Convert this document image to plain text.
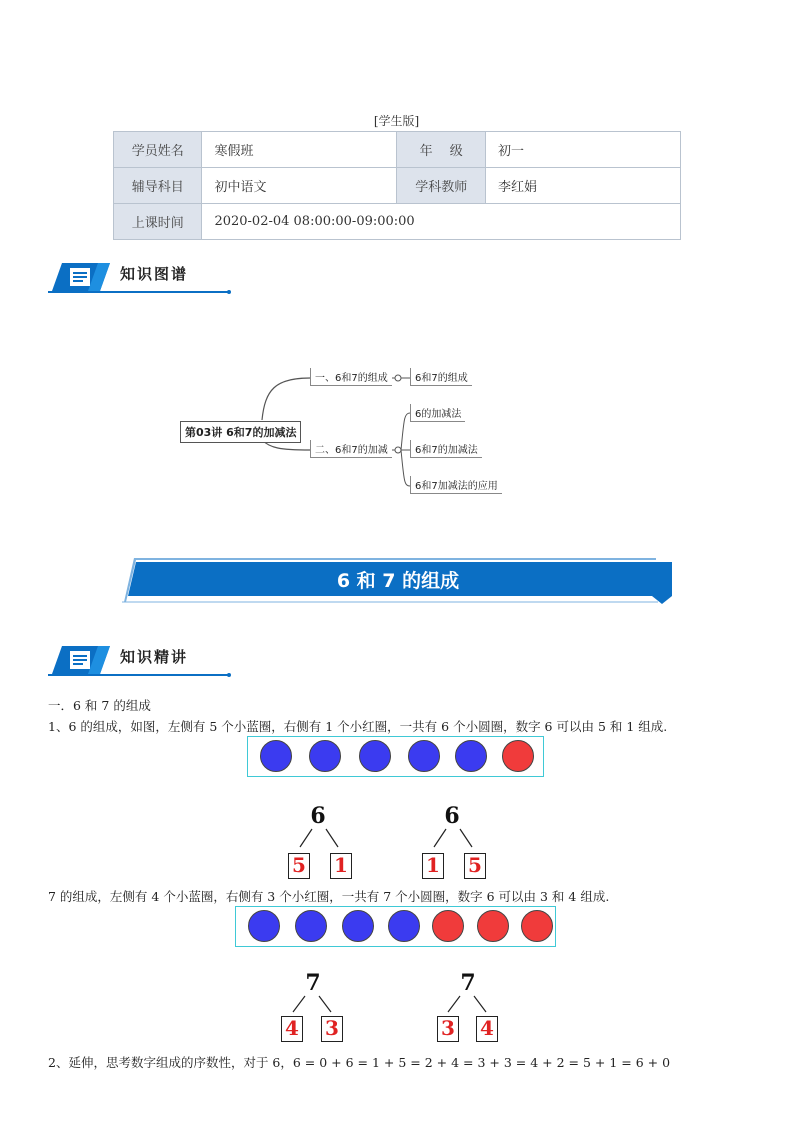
[学生版]
学员姓名	寒假班	年　 级	初一
辅导科目	初中语文	学科教师	李红娟
上课时间	2020-02-04 08:00:00-09:00:00		
知识图谱
第03讲 6和7的加减法
一、6和7的组成	6和7的组成
二、6和7的加减
6的加减法
6和7的加减法
6和7加减法的应用
6 和 7 的组成
知识精讲
一．6 和 7 的组成
1、6 的组成，如图，左侧有 5 个小蓝圈，右侧有 1 个小红圈，一共有 6 个小圆圈，数字 6 可以由 5 和 1 组成.
6
5 1
6
1 5
7 的组成，左侧有 4 个小蓝圈，右侧有 3 个小红圈，一共有 7 个小圆圈，数字 6 可以由 3 和 4 组成.
7
4 3
7
3 4
2、延伸，思考数字组成的序数性，对于 6，6 = 0 + 6 = 1 + 5 = 2 + 4 = 3 + 3 = 4 + 2 = 5 + 1 = 6 + 0
